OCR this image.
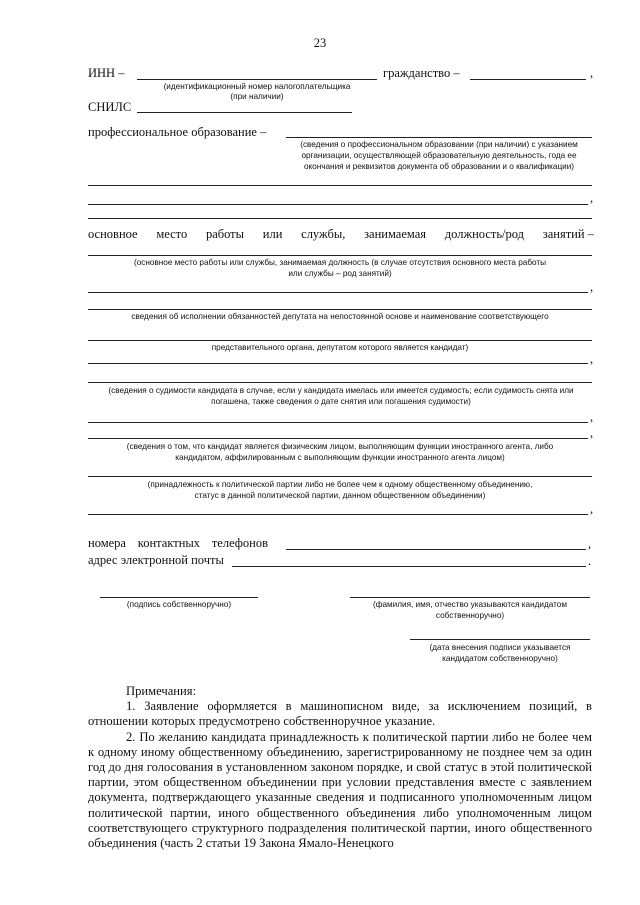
23
ИНН –	гражданство –	,
(идентификационный номер налогоплательщика
(при наличии)
СНИЛС
профессиональное образование –
(сведения о профессиональном образовании (при наличии) с указанием
организации, осуществляющей образовательную деятельность, года ее
окончания и реквизитов документа об образовании и о квалификации)
,
основное место работы или службы, занимаемая должность/род занятий –
(основное место работы или службы, занимаемая должность (в случае отсутствия основного места работы
или службы – род занятий)
,
сведения об исполнении обязанностей депутата на непостоянной основе и наименование соответствующего
представительного органа, депутатом которого является кандидат)
,
(сведения о судимости кандидата в случае, если у кандидата имелась или имеется судимость; если судимость снята или
погашена, также сведения о дате снятия или погашения судимости)
,
,
(сведения о том, что кандидат является физическим лицом, выполняющим функции иностранного агента, либо
кандидатом, аффилированным с выполняющим функции иностранного агента лицом)
(принадлежность к политической партии либо не более чем к одному общественному объединению,
статус в данной политической партии, данном общественном объединении)
,
номера контактных телефонов	,
адрес электронной почты	.
(подпись собственноручно)	(фамилия, имя, отчество указываются кандидатом
собственноручно)
(дата внесения подписи указывается
кандидатом собственноручно)

Примечания:

1. Заявление оформляется в машинописном виде, за исключением позиций, в отношении которых предусмотрено собственноручное указание.

2. По желанию кандидата принадлежность к политической партии либо не более чем к одному иному общественному объединению, зарегистрированному не позднее чем за один год до дня голосования в установленном законом порядке, и свой статус в этой политической партии, этом общественном объединении при условии представления вместе с заявлением документа, подтверждающего указанные сведения и подписанного уполномоченным лицом политической партии, иного общественного объединения либо уполномоченным лицом соответствующего структурного подразделения политической партии, иного общественного объединения (часть 2 статьи 19 Закона Ямало-Ненецкого
